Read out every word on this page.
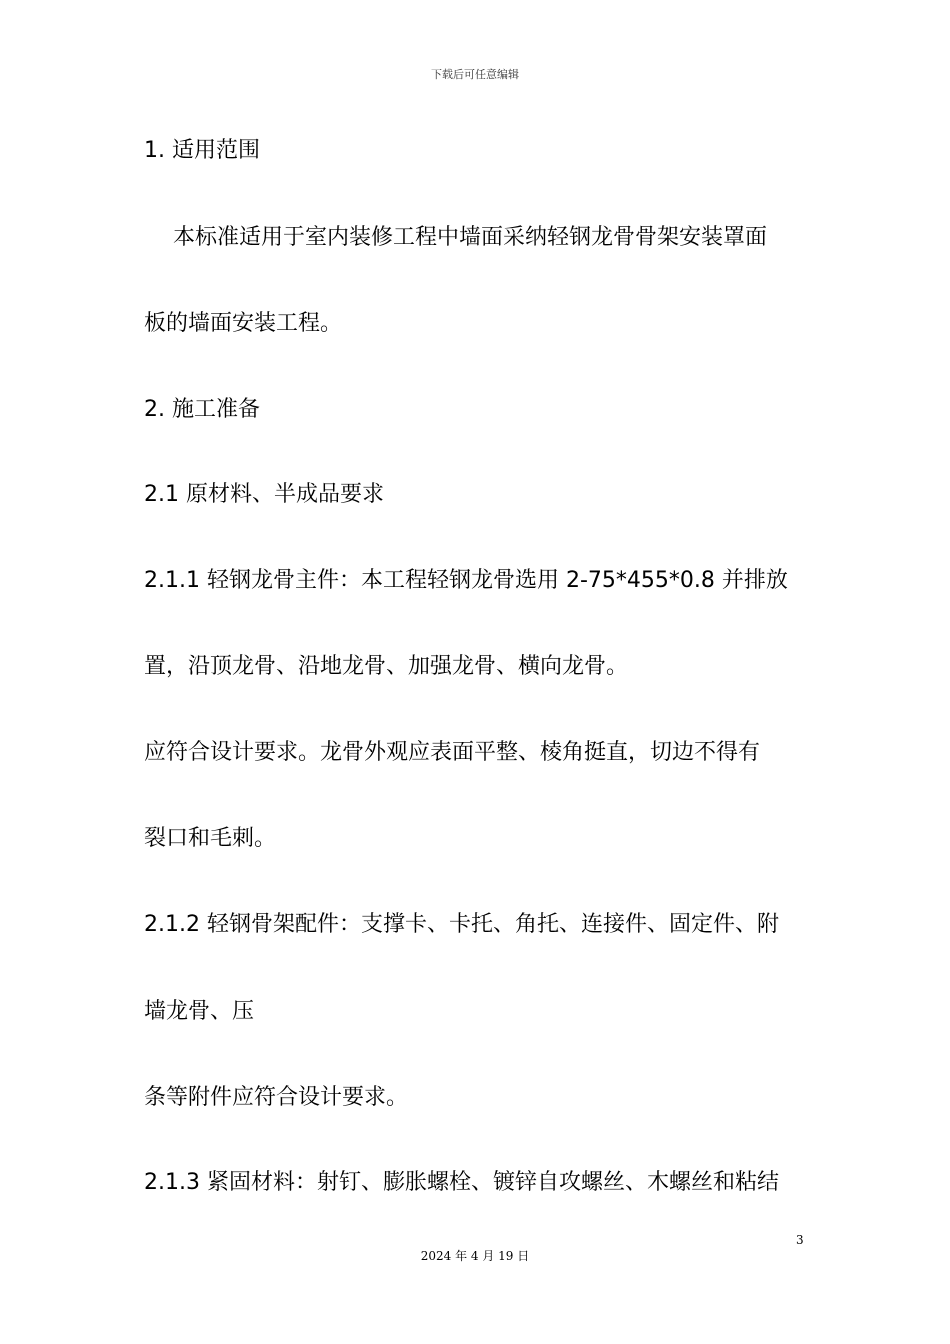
下载后可任意编辑
1. 适用范围
本标准适用于室内装修工程中墙面采纳轻钢龙骨骨架安装罩面
板的墙面安装工程。
2. 施工准备
2.1 原材料、半成品要求
2.1.1 轻钢龙骨主件：本工程轻钢龙骨选用 2-75*455*0.8 并排放
置，沿顶龙骨、沿地龙骨、加强龙骨、横向龙骨。
应符合设计要求。龙骨外观应表面平整、棱角挺直，切边不得有
裂口和毛刺。
2.1.2 轻钢骨架配件：支撑卡、卡托、角托、连接件、固定件、附
墙龙骨、压
条等附件应符合设计要求。
2.1.3 紧固材料：射钉、膨胀螺栓、镀锌自攻螺丝、木螺丝和粘结
3
2024 年 4 月 19 日
